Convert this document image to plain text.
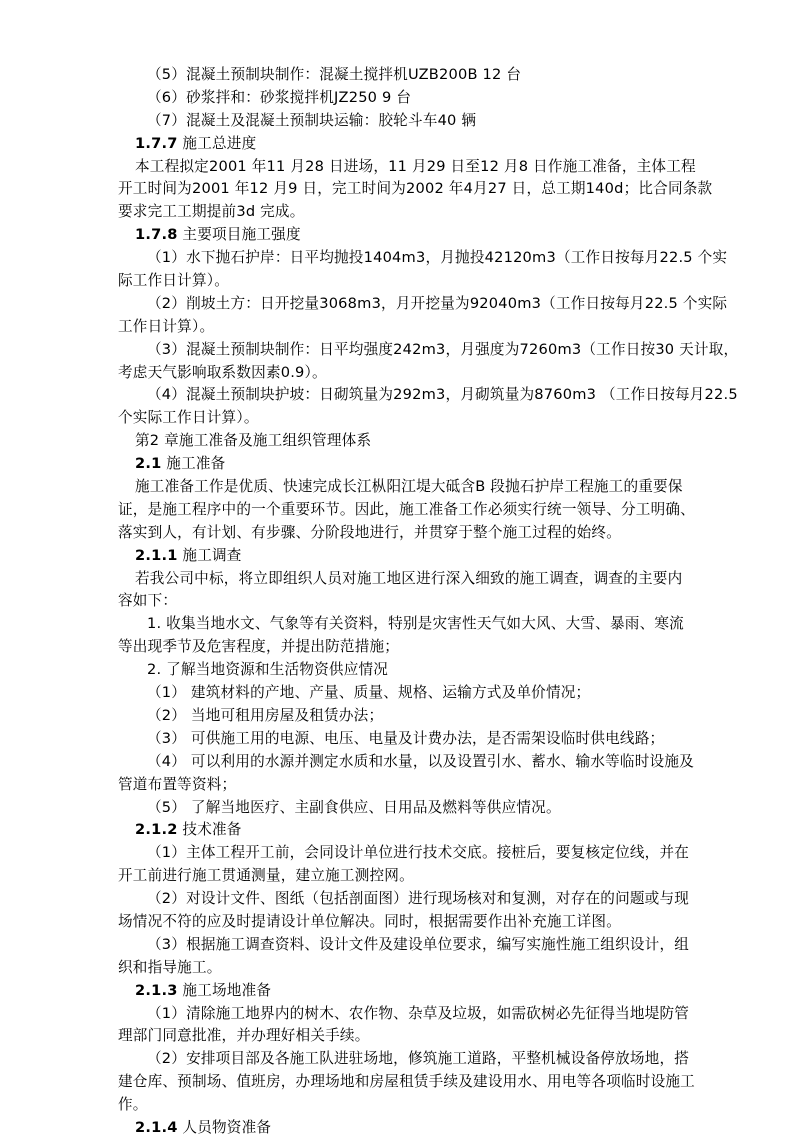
（5）混凝土预制块制作：混凝土搅拌机UZB200B 12 台
（6）砂浆拌和：砂浆搅拌机JZ250 9 台
（7）混凝土及混凝土预制块运输：胶轮斗车40 辆
1.7.7 施工总进度
本工程拟定2001 年11 月28 日进场，11 月29 日至12 月8 日作施工准备，主体工程
开工时间为2001 年12 月9 日，完工时间为2002 年4月27 日，总工期140d；比合同条款
要求完工工期提前3d 完成。
1.7.8 主要项目施工强度
（1）水下抛石护岸：日平均抛投1404m3，月抛投42120m3（工作日按每月22.5 个实
际工作日计算）。
（2）削坡土方：日开挖量3068m3，月开挖量为92040m3（工作日按每月22.5 个实际
工作日计算）。
（3）混凝土预制块制作：日平均强度242m3，月强度为7260m3（工作日按30 天计取，
考虑天气影响取系数因素0.9）。
（4）混凝土预制块护坡：日砌筑量为292m3，月砌筑量为8760m3 （工作日按每月22.5
个实际工作日计算）。
第2 章施工准备及施工组织管理体系
2.1 施工准备
施工准备工作是优质、快速完成长江枞阳江堤大砥含B 段抛石护岸工程施工的重要保
证，是施工程序中的一个重要环节。因此，施工准备工作必须实行统一领导、分工明确、
落实到人，有计划、有步骤、分阶段地进行，并贯穿于整个施工过程的始终。
2.1.1 施工调查
若我公司中标，将立即组织人员对施工地区进行深入细致的施工调查，调查的主要内
容如下：
1. 收集当地水文、气象等有关资料，特别是灾害性天气如大风、大雪、暴雨、寒流
等出现季节及危害程度，并提出防范措施；
2. 了解当地资源和生活物资供应情况
（1） 建筑材料的产地、产量、质量、规格、运输方式及单价情况；
（2） 当地可租用房屋及租赁办法；
（3） 可供施工用的电源、电压、电量及计费办法，是否需架设临时供电线路；
（4） 可以利用的水源并测定水质和水量，以及设置引水、蓄水、输水等临时设施及
管道布置等资料；
（5） 了解当地医疗、主副食供应、日用品及燃料等供应情况。
2.1.2 技术准备
（1）主体工程开工前，会同设计单位进行技术交底。接桩后，要复核定位线，并在
开工前进行施工贯通测量，建立施工测控网。
（2）对设计文件、图纸（包括剖面图）进行现场核对和复测，对存在的问题或与现
场情况不符的应及时提请设计单位解决。同时，根据需要作出补充施工详图。
（3）根据施工调查资料、设计文件及建设单位要求，编写实施性施工组织设计，组
织和指导施工。
2.1.3 施工场地准备
（1）清除施工地界内的树木、农作物、杂草及垃圾，如需砍树必先征得当地堤防管
理部门同意批准，并办理好相关手续。
（2）安排项目部及各施工队进驻场地，修筑施工道路，平整机械设备停放场地，搭
建仓库、预制场、值班房，办理场地和房屋租赁手续及建设用水、用电等各项临时设施工
作。
2.1.4 人员物资准备
